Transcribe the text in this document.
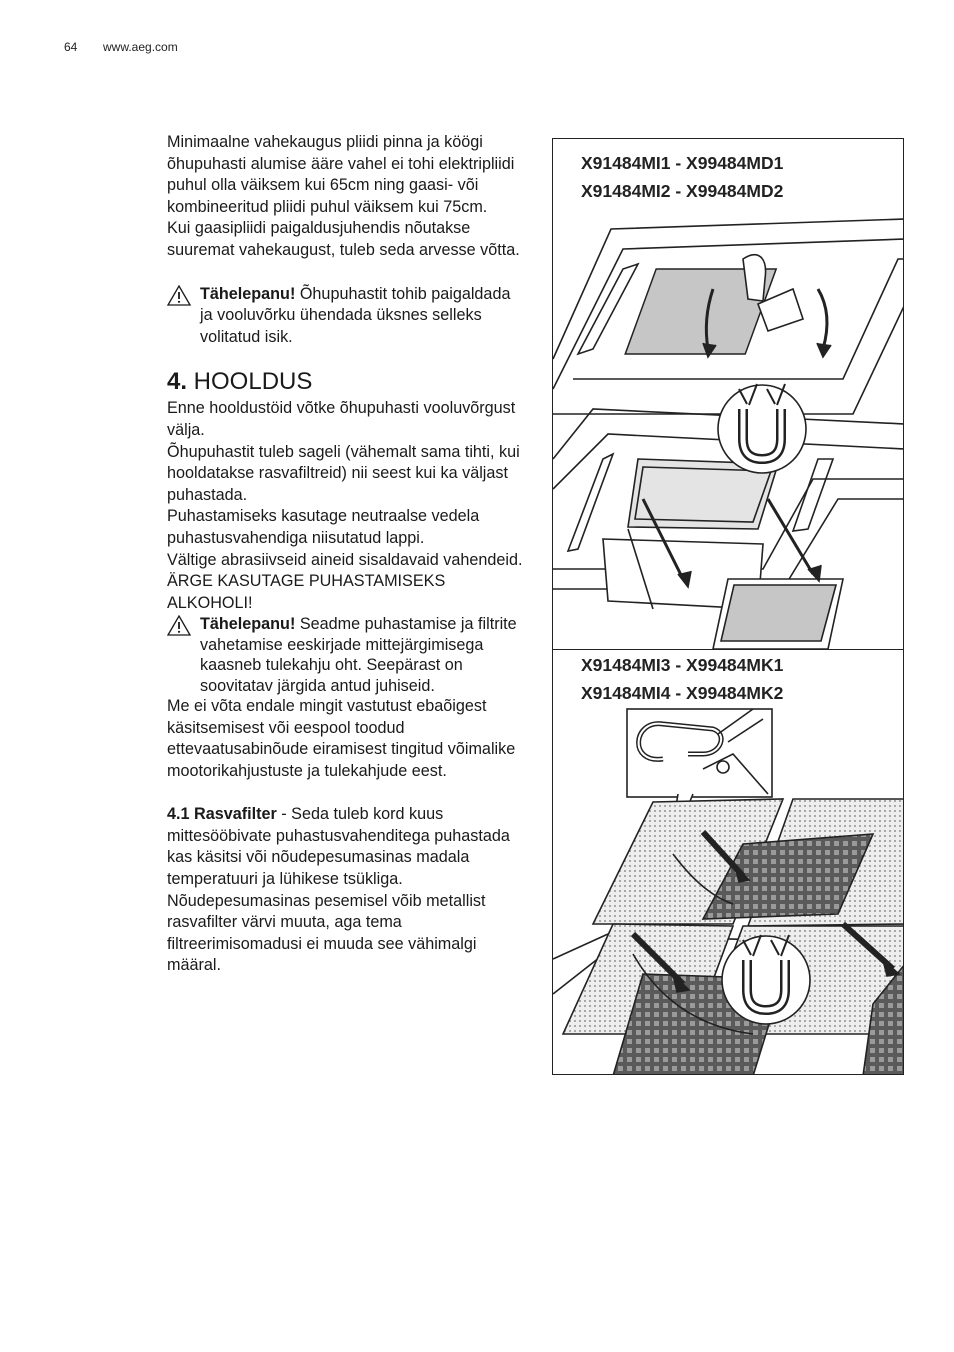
64 www.aeg.com

Minimaalne vahekaugus pliidi pinna ja köögi õhupuhasti alumise ääre vahel ei tohi elektripliidi puhul olla väiksem kui 65cm ning gaasi- või kombineeritud pliidi puhul väiksem kui 75cm.

Kui gaasipliidi paigaldusjuhendis nõutakse suuremat vahekaugust, tuleb seda arvesse võtta.

Tähelepanu! Õhupuhastit tohib paigaldada ja vooluvõrku ühendada üksnes selleks volitatud isik.

4. HOOLDUS

Enne hooldustöid võtke õhupuhasti vooluvõrgust välja.

Õhupuhastit tuleb sageli (vähemalt sama tihti, kui hooldatakse rasvafiltreid) nii seest kui ka väljast puhastada.

Puhastamiseks kasutage neutraalse vedela puhastusvahendiga niisutatud lappi.

Vältige abrasiivseid aineid sisaldavaid vahendeid.

ÄRGE KASUTAGE PUHASTAMISEKS ALKOHOLI!

Tähelepanu! Seadme puhastamise ja filtrite vahetamise eeskirjade mittejärgimisega kaasneb tulekahju oht. Seepärast on soovitatav järgida antud juhiseid.

Me ei võta endale mingit vastutust ebaõigest käsitsemisest või eespool toodud ettevaatusabinõude eiramisest tingitud võimalike mootorikahjustuste ja tulekahjude eest.

4.1 Rasvafilter - Seda tuleb kord kuus mittesööbivate puhastusvahenditega puhastada kas käsitsi või nõudepesumasinas madala temperatuuri ja lühikese tsükliga.

Nõudepesumasinas pesemisel võib metallist rasvafilter värvi muuta, aga tema filtreerimisomadusi ei muuda see vähimalgi määral.

X91484MI1 - X99484MD1
X91484MI2 - X99484MD2
X91484MI3 - X99484MK1
X91484MI4 - X99484MK2
